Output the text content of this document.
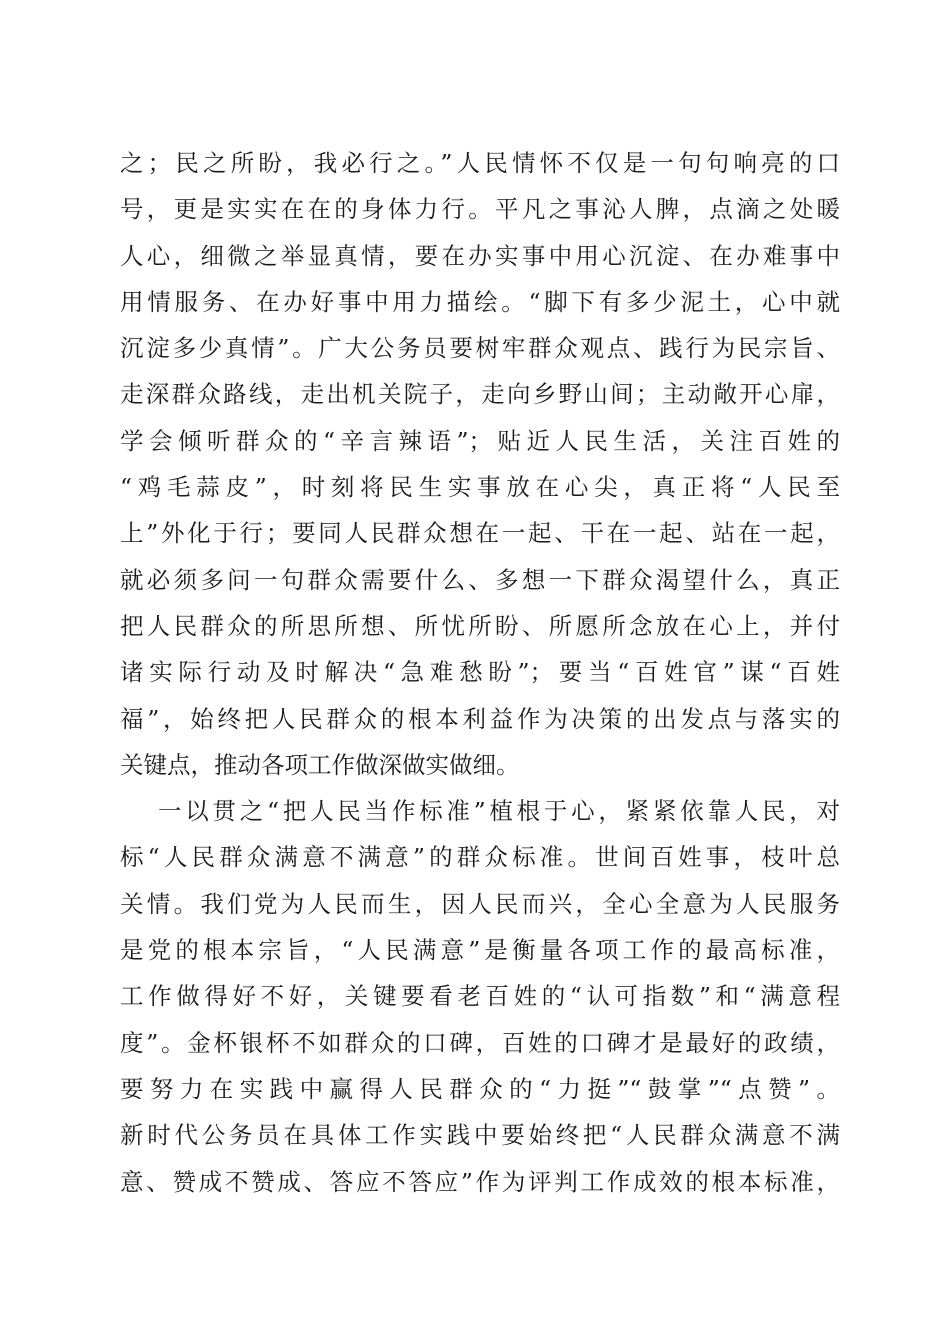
之；民之所盼，我必行之。”人民情怀不仅是一句句响亮的口
号，更是实实在在的身体力行。平凡之事沁人脾，点滴之处暖
人心，细微之举显真情，要在办实事中用心沉淀、在办难事中
用情服务、在办好事中用力描绘。“脚下有多少泥土，心中就
沉淀多少真情”。广大公务员要树牢群众观点、践行为民宗旨、
走深群众路线，走出机关院子，走向乡野山间；主动敞开心扉，
学会倾听群众的“辛言辣语”；贴近人民生活，关注百姓的
“鸡毛蒜皮”，时刻将民生实事放在心尖，真正将“人民至
上”外化于行；要同人民群众想在一起、干在一起、站在一起，
就必须多问一句群众需要什么、多想一下群众渴望什么，真正
把人民群众的所思所想、所忧所盼、所愿所念放在心上，并付
诸实际行动及时解决“急难愁盼”；要当“百姓官”谋“百姓
福”，始终把人民群众的根本利益作为决策的出发点与落实的
关键点，推动各项工作做深做实做细。
一以贯之“把人民当作标准”植根于心，紧紧依靠人民，对
标“人民群众满意不满意”的群众标准。世间百姓事，枝叶总
关情。我们党为人民而生，因人民而兴，全心全意为人民服务
是党的根本宗旨，“人民满意”是衡量各项工作的最高标准，
工作做得好不好，关键要看老百姓的“认可指数”和“满意程
度”。金杯银杯不如群众的口碑，百姓的口碑才是最好的政绩，
要努力在实践中赢得人民群众的“力挺”“鼓掌”“点赞”。
新时代公务员在具体工作实践中要始终把“人民群众满意不满
意、赞成不赞成、答应不答应”作为评判工作成效的根本标准，
